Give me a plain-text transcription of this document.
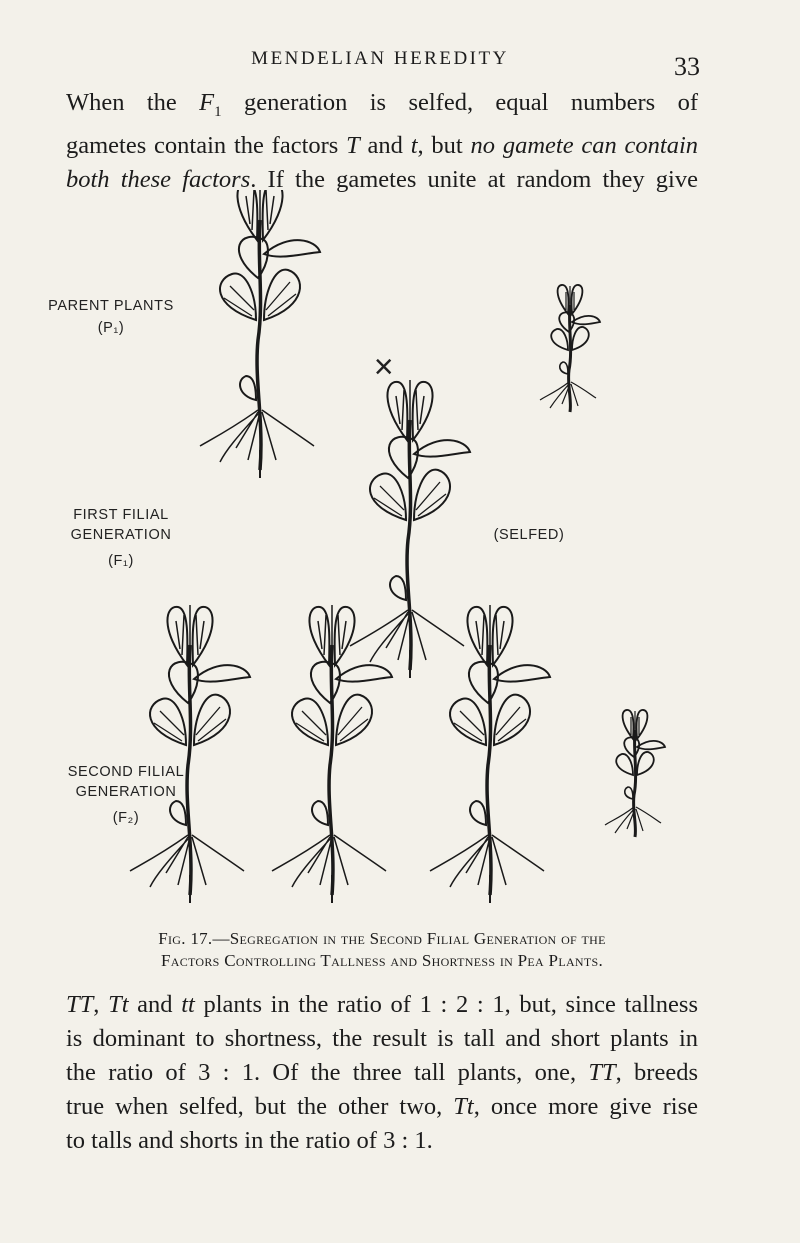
MENDELIAN HEREDITY	33

When the $F_1$ generation is selfed, equal numbers of

gametes contain the factors T and t, but no gamete can contain

both these factors. If the gametes unite at random they give

PARENT PLANTS
(P₁)
×
FIRST FILIAL
GENERATION
(F₁)
(SELFED)
SECOND FILIAL
GENERATION
(F₂)
Fig. 17.—Segregation in the Second Filial Generation of the
Factors Controlling Tallness and Shortness in Pea Plants.

TT, Tt and tt plants in the ratio of 1 : 2 : 1, but, since tallness

is dominant to shortness, the result is tall and short plants in

the ratio of 3 : 1. Of the three tall plants, one, TT, breeds

true when selfed, but the other two, Tt, once more give rise

to talls and shorts in the ratio of 3 : 1.
